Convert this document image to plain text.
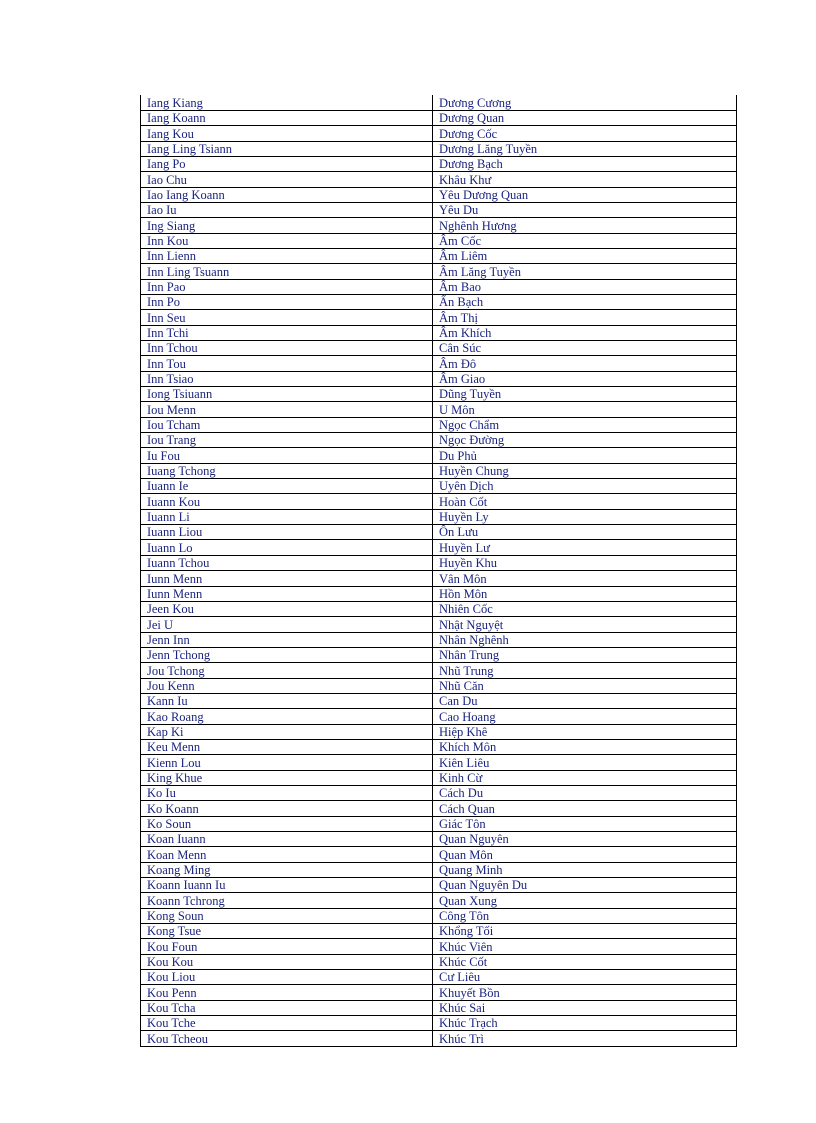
Iang Kiang	Dương Cương
Iang Koann	Dương Quan
Iang Kou	Dương Cốc
Iang Ling Tsiann	Dương Lăng Tuyền
Iang Po	Dương Bạch
Iao Chu	Khâu Khư
Iao Iang Koann	Yêu Dương Quan
Iao Iu	Yêu Du
Ing Siang	Nghênh Hương
Inn Kou	Âm Cốc
Inn Lienn	Âm Liêm
Inn Ling Tsuann	Âm Lăng Tuyền
Inn Pao	Âm Bao
Inn Po	Ẩn Bạch
Inn Seu	Âm Thị
Inn Tchi	Âm Khích
Inn Tchou	Cân Súc
Inn Tou	Âm Đô
Inn Tsiao	Âm Giao
Iong Tsiuann	Dũng Tuyền
Iou Menn	U Môn
Iou Tcham	Ngọc Chẩm
Iou Trang	Ngọc Đường
Iu Fou	Du Phủ
Iuang Tchong	Huyền Chung
Iuann Ie	Uyên Dịch
Iuann Kou	Hoàn Cốt
Iuann Li	Huyền Ly
Iuann Liou	Ôn Lưu
Iuann Lo	Huyền Lư
Iuann Tchou	Huyền Khu
Iunn Menn	Vân Môn
Iunn Menn	Hồn Môn
Jeen Kou	Nhiên Cốc
Jei U	Nhật Nguyệt
Jenn Inn	Nhân Nghênh
Jenn Tchong	Nhân Trung
Jou Tchong	Nhũ Trung
Jou Kenn	Nhũ Căn
Kann Iu	Can Du
Kao Roang	Cao Hoang
Kap Ki	Hiệp Khê
Keu Menn	Khích Môn
Kienn Lou	Kiên Liêu
King Khue	Kinh Cừ
Ko Iu	Cách Du
Ko Koann	Cách Quan
Ko Soun	Giác Tôn
Koan Iuann	Quan Nguyên
Koan Menn	Quan Môn
Koang Ming	Quang Minh
Koann Iuann Iu	Quan Nguyên Du
Koann Tchrong	Quan Xung
Kong Soun	Công Tôn
Kong Tsue	Khổng Tối
Kou Foun	Khúc Viên
Kou Kou	Khúc Cốt
Kou Liou	Cư Liêu
Kou Penn	Khuyết Bồn
Kou Tcha	Khúc Sai
Kou Tche	Khúc Trạch
Kou Tcheou	Khúc Trì
